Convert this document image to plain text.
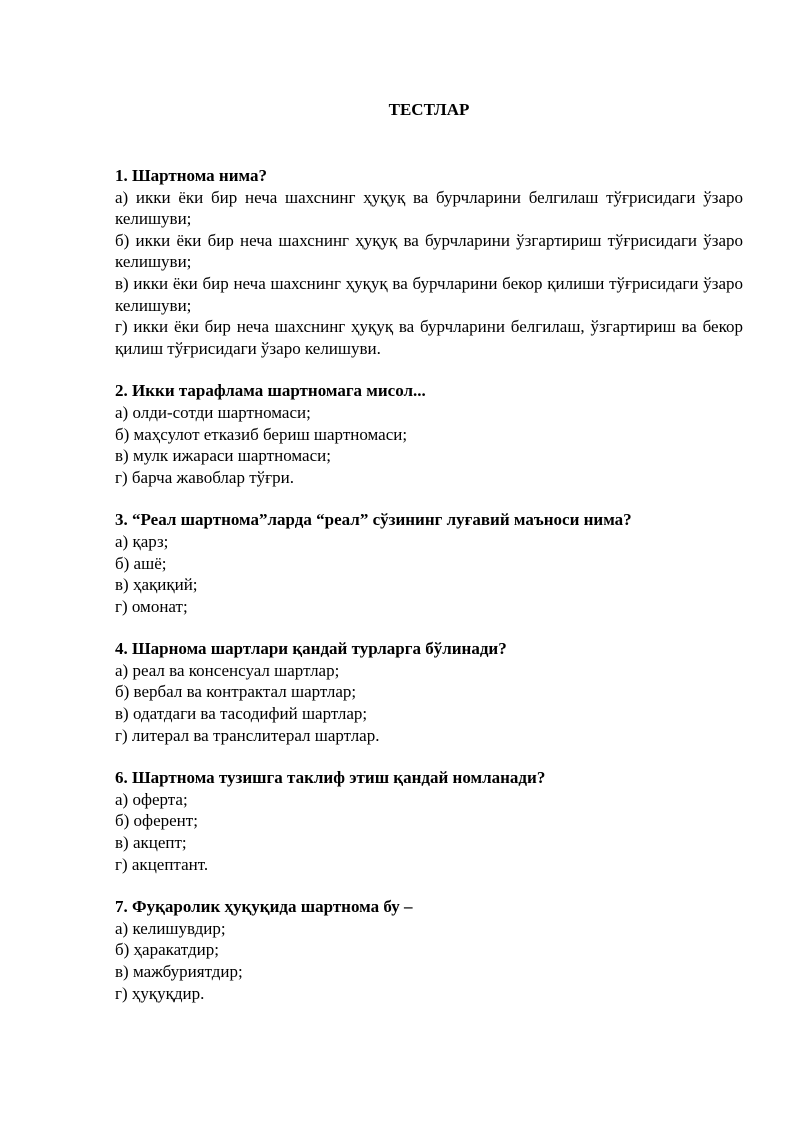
ТЕСТЛАР
1. Шартнома нима?
а) икки ёки бир неча шахснинг ҳуқуқ ва бурчларини белгилаш тўғрисидаги ўзаро келишуви;
б) икки ёки бир неча шахснинг ҳуқуқ ва бурчларини ўзгартириш тўғрисидаги ўзаро келишуви;
в) икки ёки бир неча шахснинг ҳуқуқ ва бурчларини бекор қилиши тўғрисидаги ўзаро келишуви;
г) икки ёки бир неча шахснинг ҳуқуқ ва бурчларини белгилаш, ўзгартириш ва бекор қилиш тўғрисидаги ўзаро келишуви.
2. Икки тарафлама шартномага мисол...
а) олди-сотди шартномаси;
б) маҳсулот етказиб бериш шартномаси;
в) мулк ижараси шартномаси;
г) барча жавоблар тўғри.
3. “Реал шартнома”ларда “реал” сўзининг луғавий маъноси нима?
а) қарз;
б) ашё;
в) ҳақиқий;
г) омонат;
4. Шарнома шартлари қандай турларга бўлинади?
а) реал ва консенсуал шартлар;
б) вербал ва контрактал шартлар;
в) одатдаги ва тасодифий шартлар;
г) литерал ва транслитерал шартлар.
6. Шартнома тузишга таклиф этиш қандай номланади?
а) оферта;
б) оферент;
в) акцепт;
г) акцептант.
7. Фуқаролик ҳуқуқида шартнома бу –
а) келишувдир;
б) ҳаракатдир;
в) мажбуриятдир;
г) ҳуқуқдир.
